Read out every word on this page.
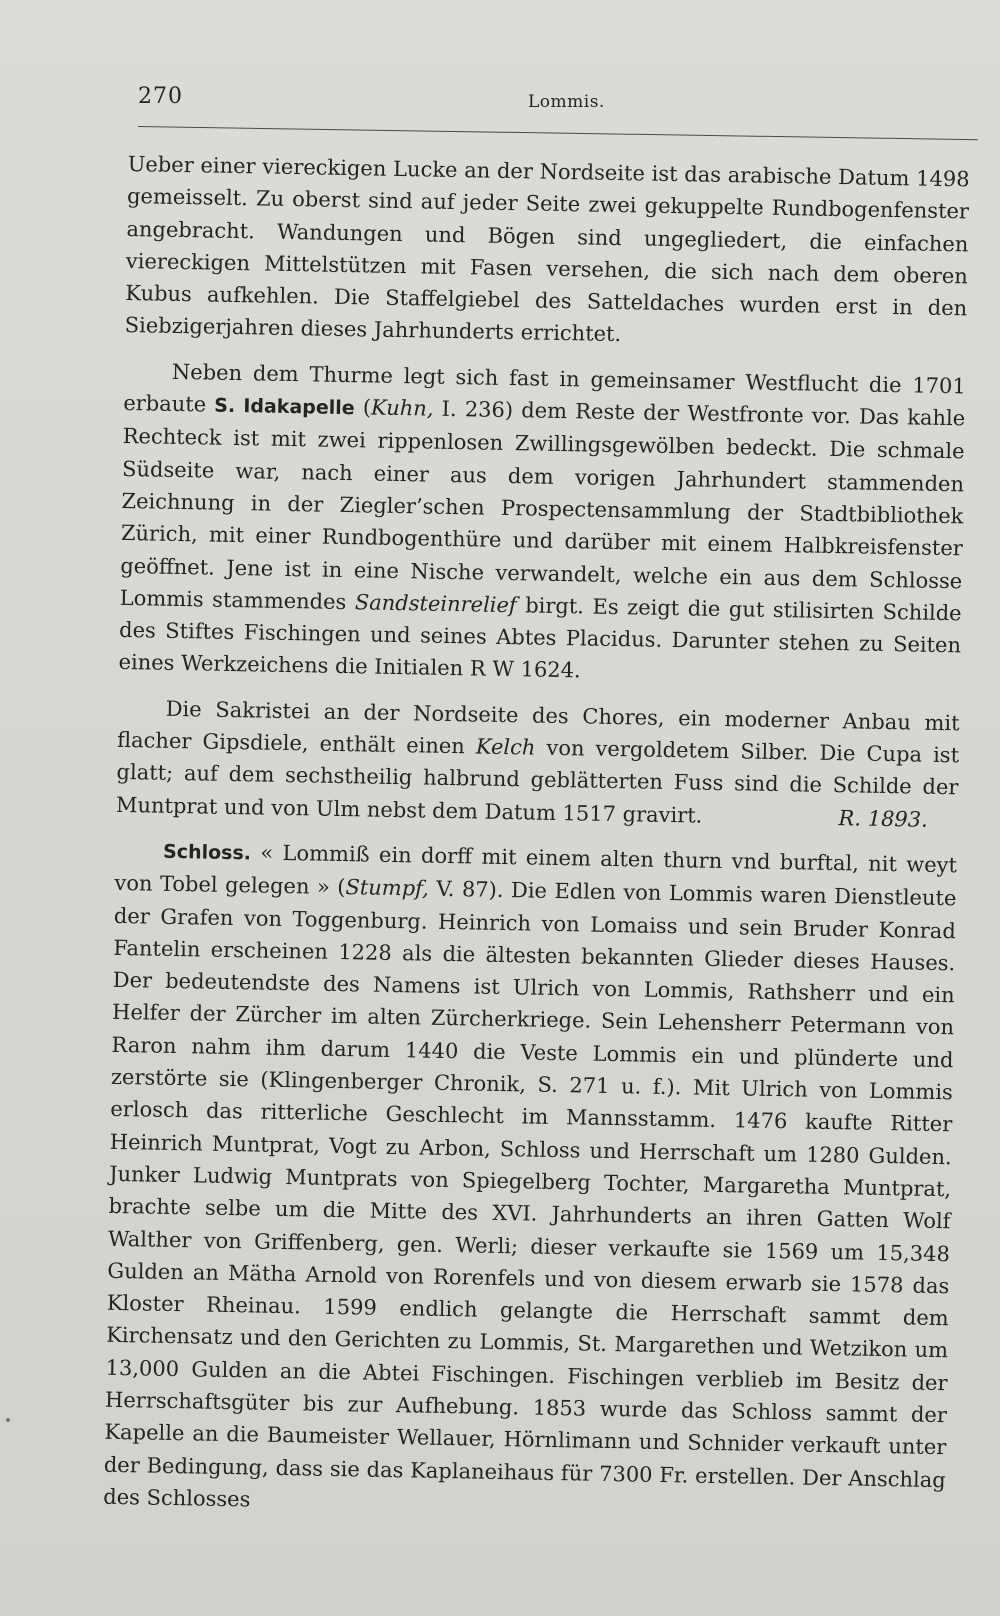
270	Lommis.

Ueber einer viereckigen Lucke an der Nordseite ist das arabische Datum 1498 gemeisselt. Zu oberst sind auf jeder Seite zwei gekuppelte Rundbogenfenster angebracht. Wandungen und Bögen sind ungegliedert, die einfachen viereckigen Mittelstützen mit Fasen versehen, die sich nach dem oberen Kubus aufkehlen. Die Staffelgiebel des Satteldaches wurden erst in den Siebzigerjahren dieses Jahrhunderts errichtet.

Neben dem Thurme legt sich fast in gemeinsamer Westflucht die 1701 erbaute S. Idakapelle (Kuhn, I. 236) dem Reste der Westfronte vor. Das kahle Rechteck ist mit zwei rippenlosen Zwillingsgewölben bedeckt. Die schmale Südseite war, nach einer aus dem vorigen Jahrhundert stammenden Zeichnung in der Ziegler’schen Prospectensammlung der Stadtbibliothek Zürich, mit einer Rundbogenthüre und darüber mit einem Halbkreisfenster geöffnet. Jene ist in eine Nische verwandelt, welche ein aus dem Schlosse Lommis stammendes Sandsteinrelief birgt. Es zeigt die gut stilisirten Schilde des Stiftes Fischingen und seines Abtes Placidus. Darunter stehen zu Seiten eines Werkzeichens die Initialen R W 1624.

Die Sakristei an der Nordseite des Chores, ein moderner Anbau mit flacher Gipsdiele, enthält einen Kelch von vergoldetem Silber. Die Cupa ist glatt; auf dem sechstheilig halbrund geblätterten Fuss sind die Schilde der Muntprat und von Ulm nebst dem Datum 1517 gravirt.	R. 1893.

Schloss. « Lommiß ein dorff mit einem alten thurn vnd burftal, nit weyt von Tobel gelegen » (Stumpf, V. 87). Die Edlen von Lommis waren Dienstleute der Grafen von Toggenburg. Heinrich von Lomaiss und sein Bruder Konrad Fantelin erscheinen 1228 als die ältesten bekannten Glieder dieses Hauses. Der bedeutendste des Namens ist Ulrich von Lommis, Rathsherr und ein Helfer der Zürcher im alten Zürcherkriege. Sein Lehensherr Petermann von Raron nahm ihm darum 1440 die Veste Lommis ein und plünderte und zerstörte sie (Klingenberger Chronik, S. 271 u. f.). Mit Ulrich von Lommis erlosch das ritterliche Geschlecht im Mannsstamm. 1476 kaufte Ritter Heinrich Muntprat, Vogt zu Arbon, Schloss und Herrschaft um 1280 Gulden. Junker Ludwig Muntprats von Spiegelberg Tochter, Margaretha Muntprat, brachte selbe um die Mitte des XVI. Jahrhunderts an ihren Gatten Wolf Walther von Griffenberg, gen. Werli; dieser verkaufte sie 1569 um 15,348 Gulden an Mätha Arnold von Rorenfels und von diesem erwarb sie 1578 das Kloster Rheinau. 1599 endlich gelangte die Herrschaft sammt dem Kirchensatz und den Gerichten zu Lommis, St. Margarethen und Wetzikon um 13,000 Gulden an die Abtei Fischingen. Fischingen verblieb im Besitz der Herrschaftsgüter bis zur Aufhebung. 1853 wurde das Schloss sammt der Kapelle an die Baumeister Wellauer, Hörnlimann und Schnider verkauft unter der Bedingung, dass sie das Kaplaneihaus für 7300 Fr. erstellen. Der Anschlag des Schlosses
